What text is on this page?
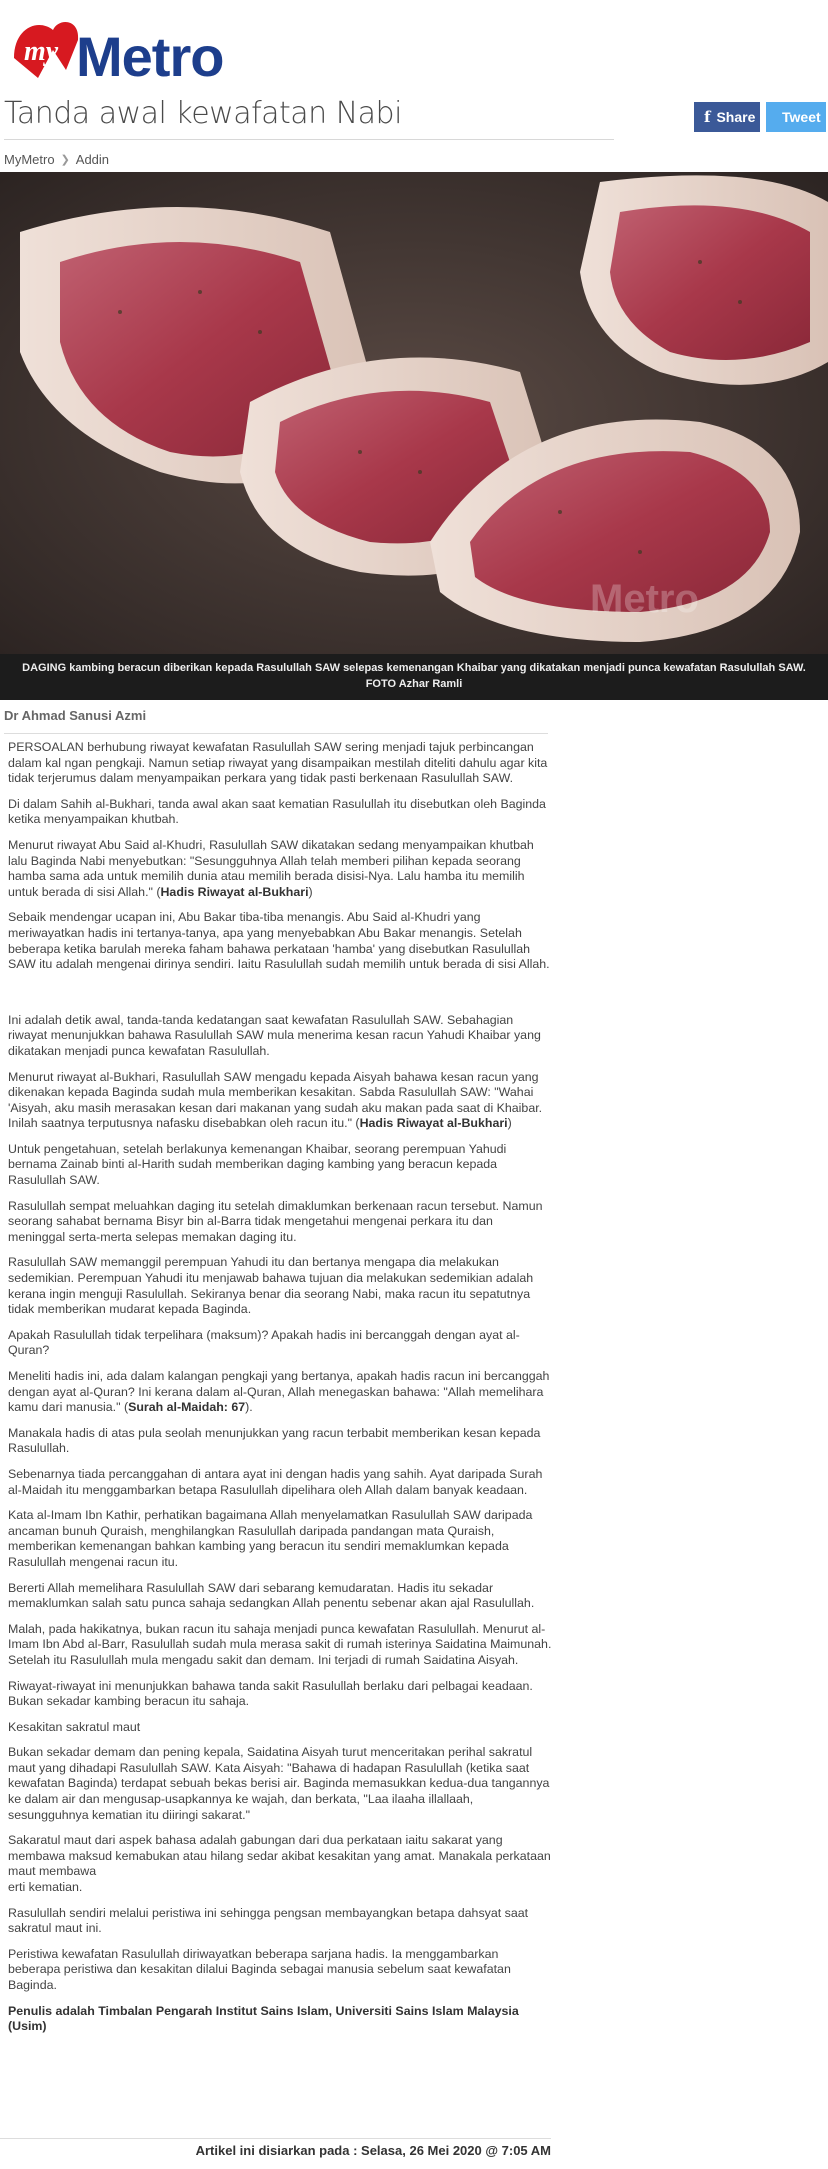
my Metro
Tanda awal kewafatan Nabi	f Share Tweet
MyMetro ❯ Addin
Metro
DAGING kambing beracun diberikan kepada Rasulullah SAW selepas kemenangan Khaibar yang dikatakan menjadi punca kewafatan Rasulullah SAW. FOTO Azhar Ramli
Dr Ahmad Sanusi Azmi

PERSOALAN berhubung riwayat kewafatan Rasulullah SAW sering menjadi tajuk perbincangan dalam kal ngan pengkaji. Namun setiap riwayat yang disampaikan mestilah diteliti dahulu agar kita tidak terjerumus dalam menyampaikan perkara yang tidak pasti berkenaan Rasulullah SAW.

Di dalam Sahih al-Bukhari, tanda awal akan saat kematian Rasulullah itu disebutkan oleh Baginda ketika menyampaikan khutbah.

Menurut riwayat Abu Said al-Khudri, Rasulullah SAW dikatakan sedang menyampaikan khutbah lalu Baginda Nabi menyebutkan: "Sesungguhnya Allah telah memberi pilihan kepada seorang hamba sama ada untuk memilih dunia atau memilih berada disisi-Nya. Lalu hamba itu memilih untuk berada di sisi Allah." (Hadis Riwayat al-Bukhari)

Sebaik mendengar ucapan ini, Abu Bakar tiba-tiba menangis. Abu Said al-Khudri yang meriwayatkan hadis ini tertanya-tanya, apa yang menyebabkan Abu Bakar menangis. Setelah beberapa ketika barulah mereka faham bahawa perkataan 'hamba' yang disebutkan Rasulullah SAW itu adalah mengenai dirinya sendiri. Iaitu Rasulullah sudah memilih untuk berada di sisi Allah.

Ini adalah detik awal, tanda-tanda kedatangan saat kewafatan Rasulullah SAW. Sebahagian riwayat menunjukkan bahawa Rasulullah SAW mula menerima kesan racun Yahudi Khaibar yang dikatakan menjadi punca kewafatan Rasulullah.

Menurut riwayat al-Bukhari, Rasulullah SAW mengadu kepada Aisyah bahawa kesan racun yang dikenakan kepada Baginda sudah mula memberikan kesakitan. Sabda Rasulullah SAW: "Wahai 'Aisyah, aku masih merasakan kesan dari makanan yang sudah aku makan pada saat di Khaibar. Inilah saatnya terputusnya nafasku disebabkan oleh racun itu." (Hadis Riwayat al-Bukhari)

Untuk pengetahuan, setelah berlakunya kemenangan Khaibar, seorang perempuan Yahudi bernama Zainab binti al-Harith sudah memberikan daging kambing yang beracun kepada Rasulullah SAW.

Rasulullah sempat meluahkan daging itu setelah dimaklumkan berkenaan racun tersebut. Namun seorang sahabat bernama Bisyr bin al-Barra tidak mengetahui mengenai perkara itu dan meninggal serta-merta selepas memakan daging itu.

Rasulullah SAW memanggil perempuan Yahudi itu dan bertanya mengapa dia melakukan sedemikian. Perempuan Yahudi itu menjawab bahawa tujuan dia melakukan sedemikian adalah kerana ingin menguji Rasulullah. Sekiranya benar dia seorang Nabi, maka racun itu sepatutnya tidak memberikan mudarat kepada Baginda.

Apakah Rasulullah tidak terpelihara (maksum)? Apakah hadis ini bercanggah dengan ayat al-Quran?

Meneliti hadis ini, ada dalam kalangan pengkaji yang bertanya, apakah hadis racun ini bercanggah dengan ayat al-Quran? Ini kerana dalam al-Quran, Allah menegaskan bahawa: "Allah memelihara kamu dari manusia." (Surah al-Maidah: 67).

Manakala hadis di atas pula seolah menunjukkan yang racun terbabit memberikan kesan kepada Rasulullah.

Sebenarnya tiada percanggahan di antara ayat ini dengan hadis yang sahih. Ayat daripada Surah al-Maidah itu menggambarkan betapa Rasulullah dipelihara oleh Allah dalam banyak keadaan.

Kata al-Imam Ibn Kathir, perhatikan bagaimana Allah menyelamatkan Rasulullah SAW daripada ancaman bunuh Quraish, menghilangkan Rasulullah daripada pandangan mata Quraish, memberikan kemenangan bahkan kambing yang beracun itu sendiri memaklumkan kepada Rasulullah mengenai racun itu.

Bererti Allah memelihara Rasulullah SAW dari sebarang kemudaratan. Hadis itu sekadar memaklumkan salah satu punca sahaja sedangkan Allah penentu sebenar akan ajal Rasulullah.

Malah, pada hakikatnya, bukan racun itu sahaja menjadi punca kewafatan Rasulullah. Menurut al-Imam Ibn Abd al-Barr, Rasulullah sudah mula merasa sakit di rumah isterinya Saidatina Maimunah. Setelah itu Rasulullah mula mengadu sakit dan demam. Ini terjadi di rumah Saidatina Aisyah.

Riwayat-riwayat ini menunjukkan bahawa tanda sakit Rasulullah berlaku dari pelbagai keadaan. Bukan sekadar kambing beracun itu sahaja.

Kesakitan sakratul maut

Bukan sekadar demam dan pening kepala, Saidatina Aisyah turut menceritakan perihal sakratul maut yang dihadapi Rasulullah SAW. Kata Aisyah: "Bahawa di hadapan Rasulullah (ketika saat kewafatan Baginda) terdapat sebuah bekas berisi air. Baginda memasukkan kedua-dua tangannya ke dalam air dan mengusap-usapkannya ke wajah, dan berkata, "Laa ilaaha illallaah, sesungguhnya kematian itu diiringi sakarat."

Sakaratul maut dari aspek bahasa adalah gabungan dari dua perkataan iaitu sakarat yang membawa maksud kemabukan atau hilang sedar akibat kesakitan yang amat. Manakala perkataan maut membawa
erti kematian.

Rasulullah sendiri melalui peristiwa ini sehingga pengsan membayangkan betapa dahsyat saat sakratul maut ini.

Peristiwa kewafatan Rasulullah diriwayatkan beberapa sarjana hadis. Ia menggambarkan beberapa peristiwa dan kesakitan dilalui Baginda sebagai manusia sebelum saat kewafatan Baginda.

Penulis adalah Timbalan Pengarah Institut Sains Islam, Universiti Sains Islam Malaysia (Usim)

Artikel ini disiarkan pada : Selasa, 26 Mei 2020 @ 7:05 AM
